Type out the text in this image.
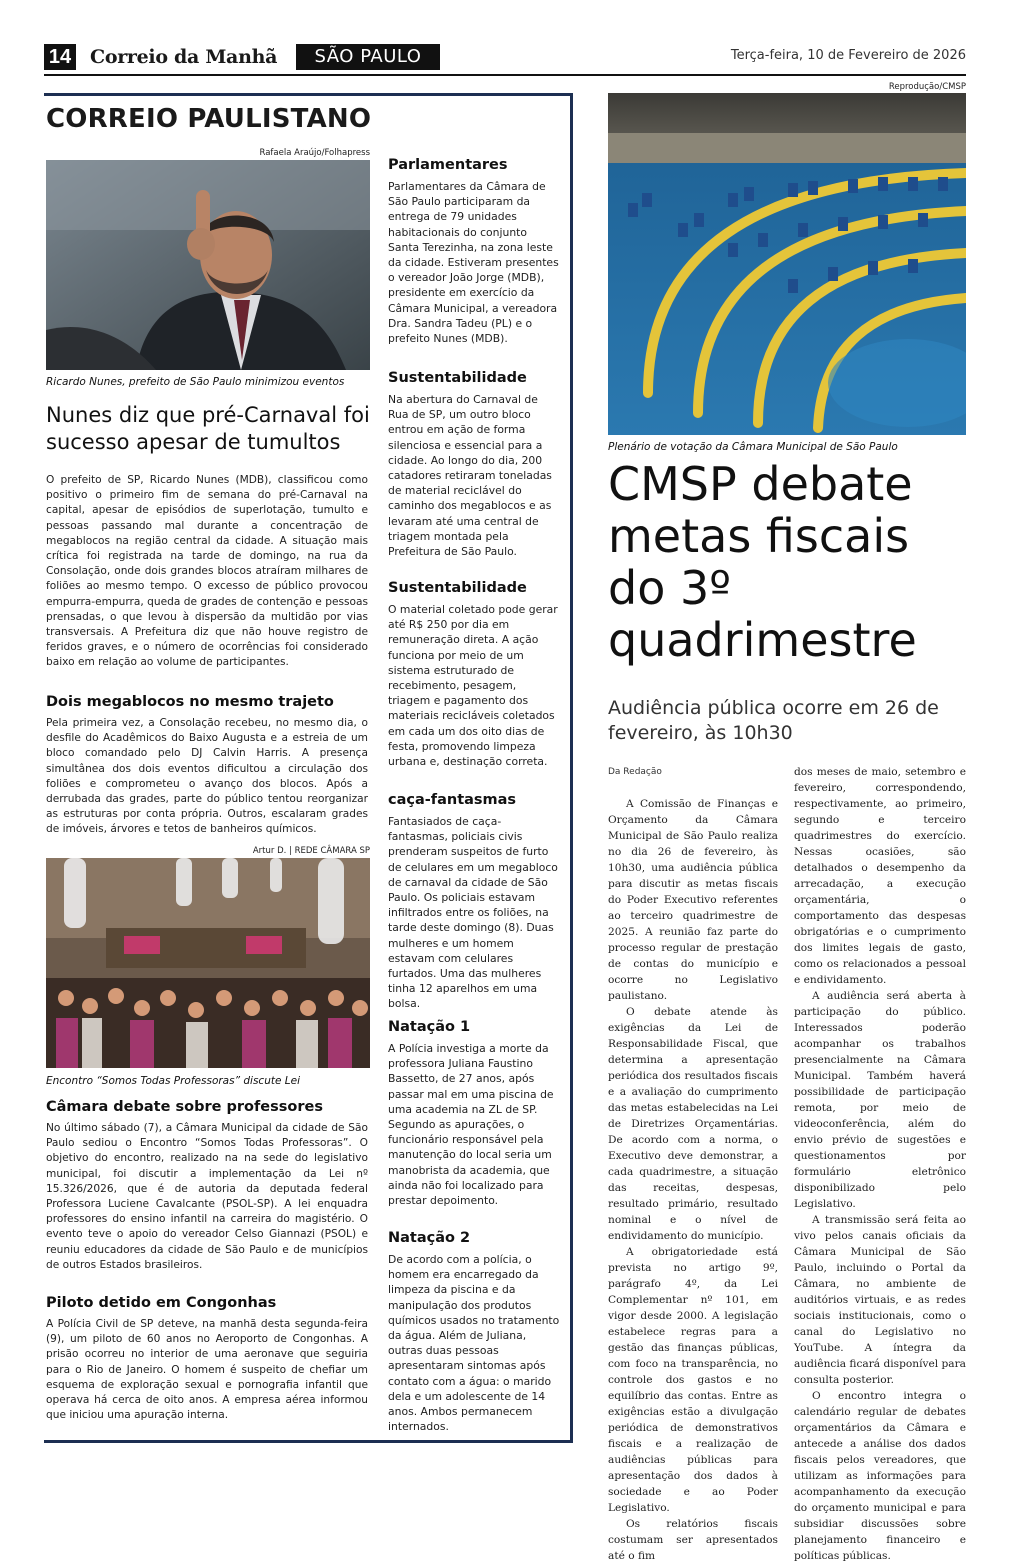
14 Correio da Manhã	SÃO PAULO	Terça-feira, 10 de Fevereiro de 2026
CORREIO PAULISTANO
Rafaela Araújo/Folhapress
Ricardo Nunes, prefeito de São Paulo minimizou eventos
Nunes diz que pré-Carnaval foi sucesso apesar de tumultos
O prefeito de SP, Ricardo Nunes (MDB), classificou como positivo o primeiro fim de semana do pré-Carnaval na capital, apesar de episódios de superlotação, tumulto e pessoas passando mal durante a concentração de megablocos na região central da cidade. A situação mais crítica foi registrada na tarde de domingo, na rua da Consolação, onde dois grandes blocos atraíram milhares de foliões ao mesmo tempo. O excesso de público provocou empurra-empurra, queda de grades de contenção e pessoas prensadas, o que levou à dispersão da multidão por vias transversais. A Prefeitura diz que não houve registro de feridos graves, e o número de ocorrências foi considerado baixo em relação ao volume de participantes.
Dois megablocos no mesmo trajeto
Pela primeira vez, a Consolação recebeu, no mesmo dia, o desfile do Acadêmicos do Baixo Augusta e a estreia de um bloco comandado pelo DJ Calvin Harris. A presença simultânea dos dois eventos dificultou a circulação dos foliões e comprometeu o avanço dos blocos. Após a derrubada das grades, parte do público tentou reorganizar as estruturas por conta própria. Outros, escalaram grades de imóveis, árvores e tetos de banheiros químicos.
Artur D. | REDE CÂMARA SP
Encontro “Somos Todas Professoras” discute Lei
Câmara debate sobre professores
No último sábado (7), a Câmara Municipal da cidade de São Paulo sediou o Encontro “Somos Todas Professoras”. O objetivo do encontro, realizado na na sede do legislativo municipal, foi discutir a implementação da Lei nº 15.326/2026, que é de autoria da deputada federal Professora Luciene Cavalcante (PSOL-SP). A lei enquadra professores do ensino infantil na carreira do magistério. O evento teve o apoio do vereador Celso Giannazi (PSOL) e reuniu educadores da cidade de São Paulo e de municípios de outros Estados brasileiros.
Piloto detido em Congonhas
A Polícia Civil de SP deteve, na manhã desta segunda-feira (9), um piloto de 60 anos no Aeroporto de Congonhas. A prisão ocorreu no interior de uma aeronave que seguiria para o Rio de Janeiro. O homem é suspeito de chefiar um esquema de exploração sexual e pornografia infantil que operava há cerca de oito anos. A empresa aérea informou que iniciou uma apuração interna.
Parlamentares
Parlamentares da Câmara de São Paulo participaram da entrega de 79 unidades habitacionais do conjunto Santa Terezinha, na zona leste da cidade. Estiveram presentes o vereador João Jorge (MDB), presidente em exercício da Câmara Municipal, a vereadora Dra. Sandra Tadeu (PL) e o prefeito Nunes (MDB).
Sustentabilidade
Na abertura do Carnaval de Rua de SP, um outro bloco entrou em ação de forma silenciosa e essencial para a cidade. Ao longo do dia, 200 catadores retiraram toneladas de material reciclável do caminho dos megablocos e as levaram até uma central de triagem montada pela Prefeitura de São Paulo.
Sustentabilidade
O material coletado pode gerar até R$ 250 por dia em remuneração direta. A ação funciona por meio de um sistema estruturado de recebimento, pesagem, triagem e pagamento dos materiais recicláveis coletados em cada um dos oito dias de festa, promovendo limpeza urbana e, destinação correta.
caça-fantasmas
Fantasiados de caça-fantasmas, policiais civis prenderam suspeitos de furto de celulares em um megabloco de carnaval da cidade de São Paulo. Os policiais estavam infiltrados entre os foliões, na tarde deste domingo (8). Duas mulheres e um homem estavam com celulares furtados. Uma das mulheres tinha 12 aparelhos em uma bolsa.
Natação 1
A Polícia investiga a morte da professora Juliana Faustino Bassetto, de 27 anos, após passar mal em uma piscina de uma academia na ZL de SP. Segundo as apurações, o funcionário responsável pela manutenção do local seria um manobrista da academia, que ainda não foi localizado para prestar depoimento.
Natação 2
De acordo com a polícia, o homem era encarregado da limpeza da piscina e da manipulação dos produtos químicos usados no tratamento da água. Além de Juliana, outras duas pessoas apresentaram sintomas após contato com a água: o marido dela e um adolescente de 14 anos. Ambos permanecem internados.
Reprodução/CMSP
Plenário de votação da Câmara Municipal de São Paulo
CMSP debate metas fiscais do 3º quadrimestre
Audiência pública ocorre em 26 de fevereiro, às 10h30
Da Redação

A Comissão de Finanças e Orçamento da Câmara Municipal de São Paulo realiza no dia 26 de fevereiro, às 10h30, uma audiência pública para discutir as metas fiscais do Poder Executivo referentes ao terceiro quadrimestre de 2025. A reunião faz parte do processo regular de prestação de contas do município e ocorre no Legislativo paulistano.

O debate atende às exigências da Lei de Responsabilidade Fiscal, que determina a apresentação periódica dos resultados fiscais e a avaliação do cumprimento das metas estabelecidas na Lei de Diretrizes Orçamentárias. De acordo com a norma, o Executivo deve demonstrar, a cada quadrimestre, a situação das receitas, despesas, resultado primário, resultado nominal e o nível de endividamento do município.

A obrigatoriedade está prevista no artigo 9º, parágrafo 4º, da Lei Complementar nº 101, em vigor desde 2000. A legislação estabelece regras para a gestão das finanças públicas, com foco na transparência, no controle dos gastos e no equilíbrio das contas. Entre as exigências estão a divulgação periódica de demonstrativos fiscais e a realização de audiências públicas para apresentação dos dados à sociedade e ao Poder Legislativo.

Os relatórios fiscais costumam ser apresentados até o fim

dos meses de maio, setembro e fevereiro, correspondendo, respectivamente, ao primeiro, segundo e terceiro quadrimestres do exercício. Nessas ocasiões, são detalhados o desempenho da arrecadação, a execução orçamentária, o comportamento das despesas obrigatórias e o cumprimento dos limites legais de gasto, como os relacionados a pessoal e endividamento.

A audiência será aberta à participação do público. Interessados poderão acompanhar os trabalhos presencialmente na Câmara Municipal. Também haverá possibilidade de participação remota, por meio de videoconferência, além do envio prévio de sugestões e questionamentos por formulário eletrônico disponibilizado pelo Legislativo.

A transmissão será feita ao vivo pelos canais oficiais da Câmara Municipal de São Paulo, incluindo o Portal da Câmara, no ambiente de auditórios virtuais, e as redes sociais institucionais, como o canal do Legislativo no YouTube. A íntegra da audiência ficará disponível para consulta posterior.

O encontro integra o calendário regular de debates orçamentários da Câmara e antecede a análise dos dados fiscais pelos vereadores, que utilizam as informações para acompanhamento da execução do orçamento municipal e para subsidiar discussões sobre planejamento financeiro e políticas públicas.
